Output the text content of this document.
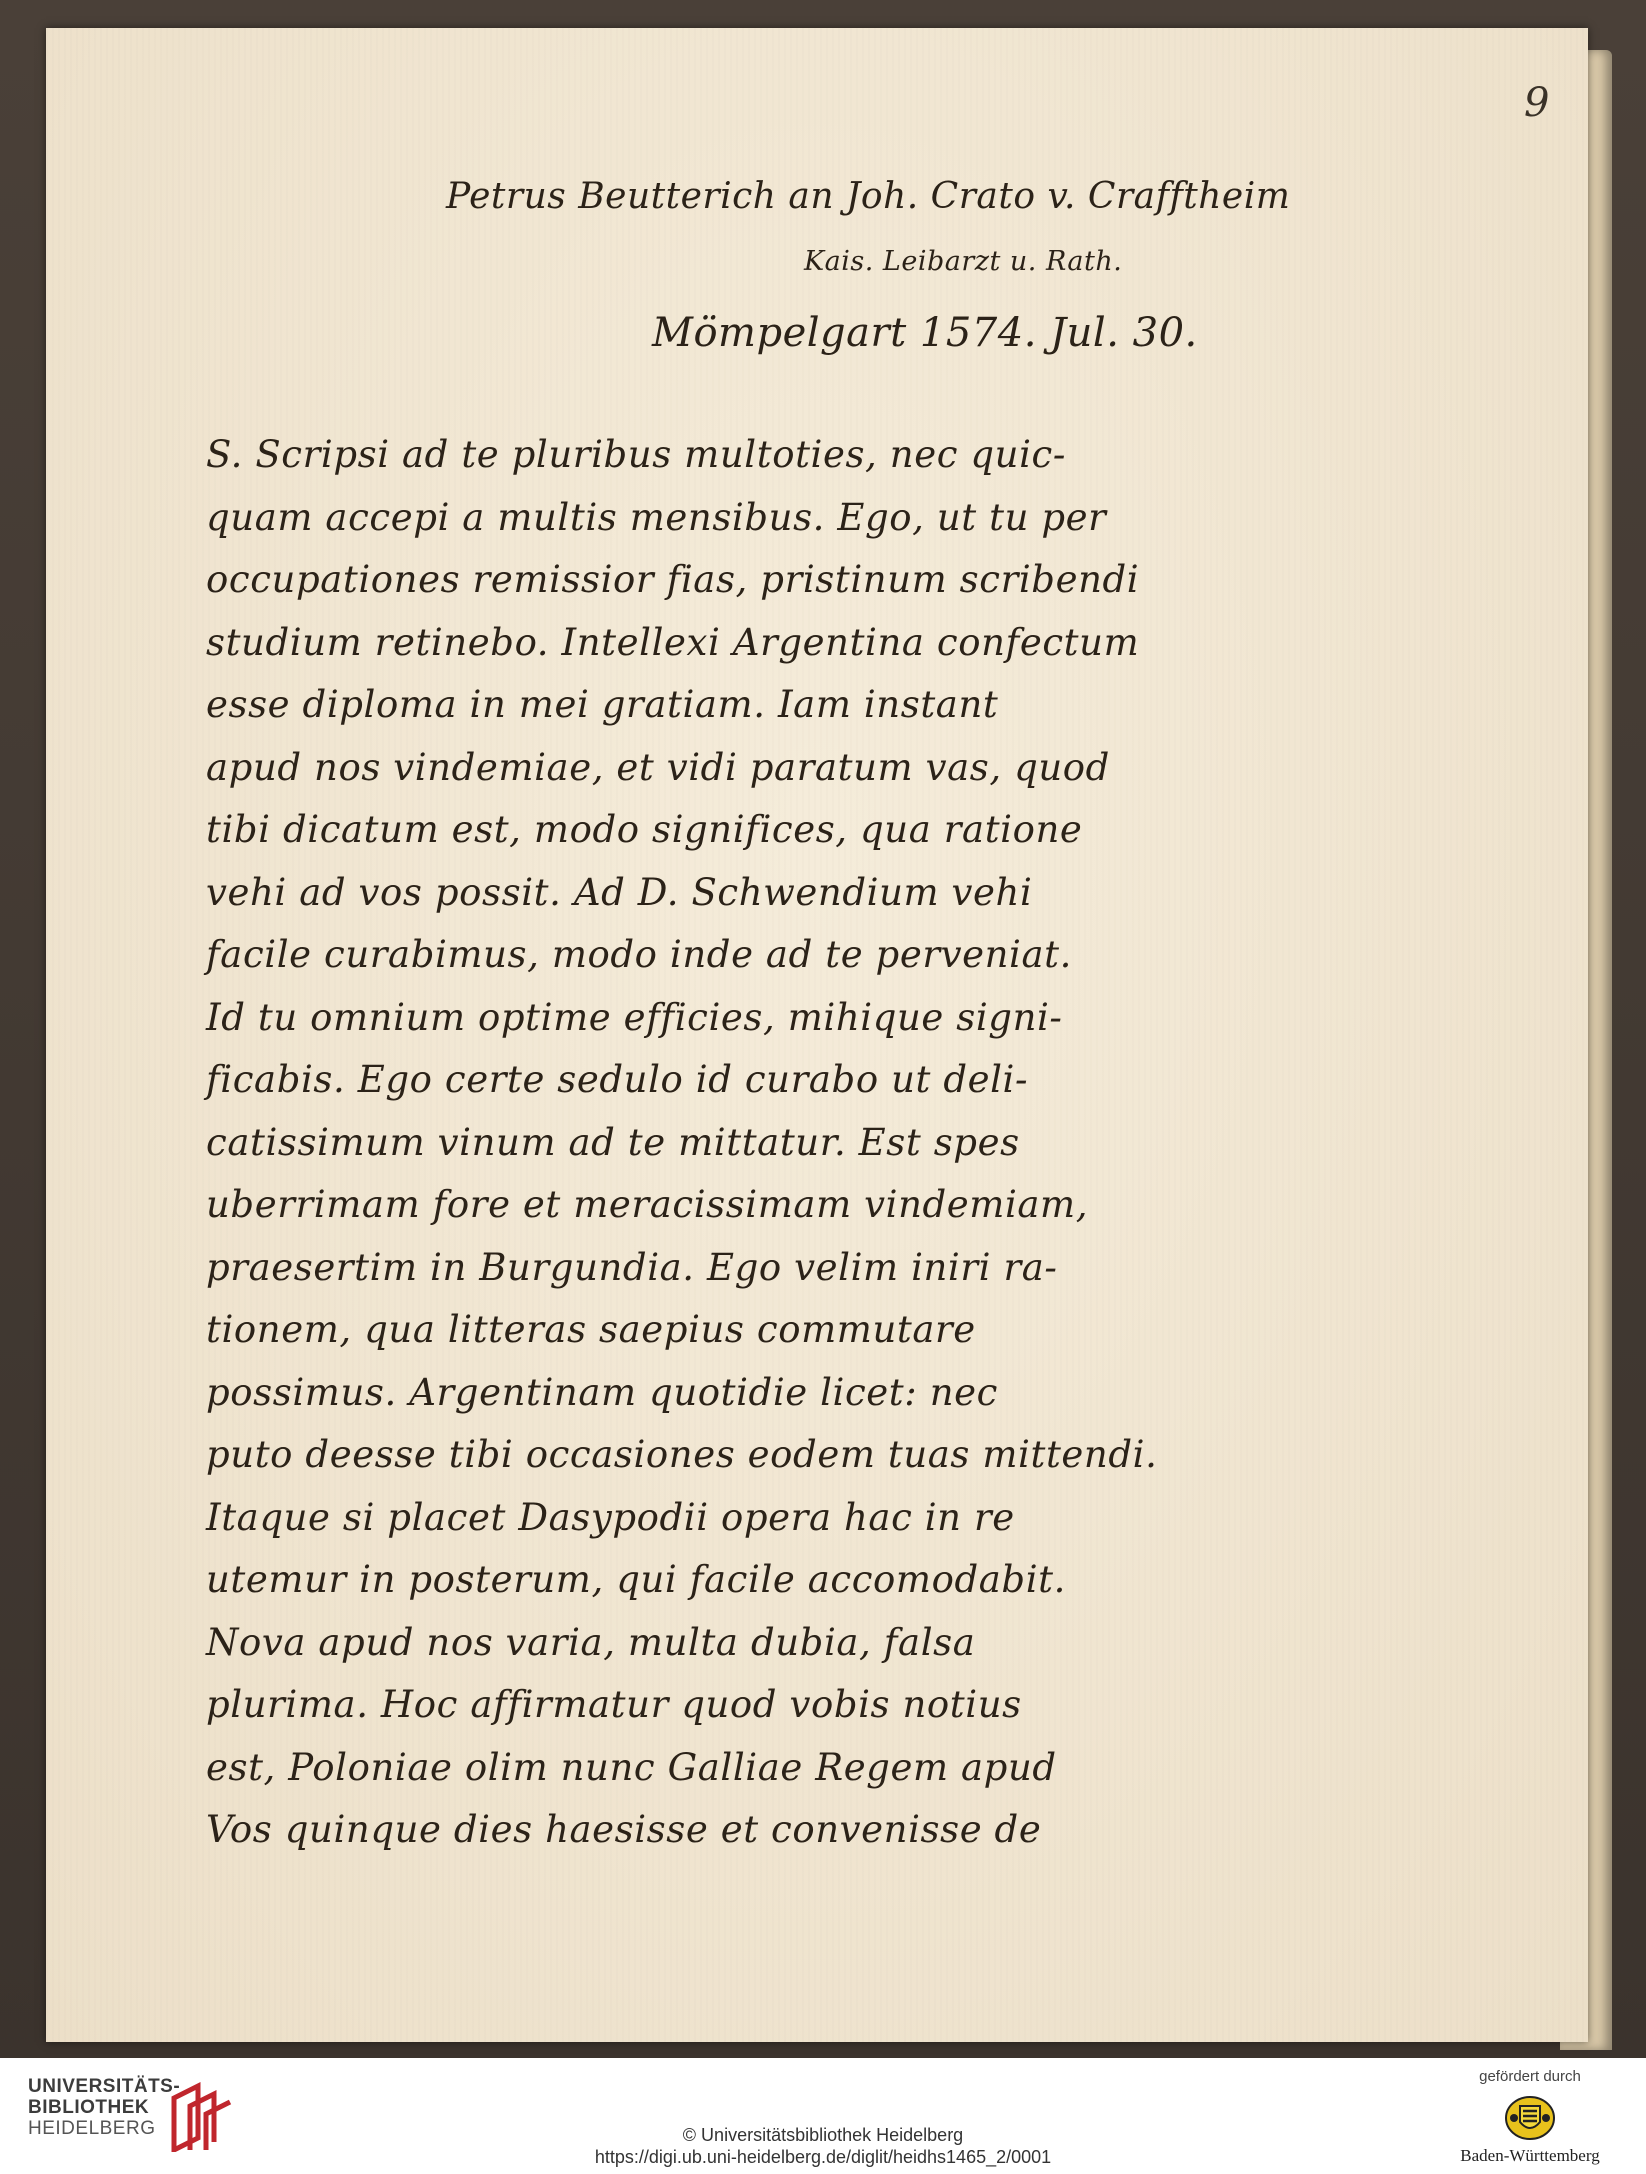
9
Petrus Beutterich an Joh. Crato v. Crafftheim
Kais. Leibarzt u. Rath.
Mömpelgart 1574. Jul. 30.
S. Scripsi ad te pluribus multoties, nec quic-
quam accepi a multis mensibus. Ego, ut tu per
occupationes remissior fias, pristinum scribendi
studium retinebo. Intellexi Argentina confectum
esse diploma in mei gratiam. Iam instant
apud nos vindemiae, et vidi paratum vas, quod
tibi dicatum est, modo significes, qua ratione
vehi ad vos possit. Ad D. Schwendium vehi
facile curabimus, modo inde ad te perveniat.
Id tu omnium optime efficies, mihique signi-
ficabis. Ego certe sedulo id curabo ut deli-
catissimum vinum ad te mittatur. Est spes
uberrimam fore et meracissimam vindemiam,
praesertim in Burgundia. Ego velim iniri ra-
tionem, qua litteras saepius commutare
possimus. Argentinam quotidie licet: nec
puto deesse tibi occasiones eodem tuas mittendi.
Itaque si placet Dasypodii opera hac in re
utemur in posterum, qui facile accomodabit.
Nova apud nos varia, multa dubia, falsa
plurima. Hoc affirmatur quod vobis notius
est, Poloniae olim nunc Galliae Regem apud
Vos quinque dies haesisse et convenisse de
UNIVERSITÄTS-
BIBLIOTHEK
HEIDELBERG	© Universitätsbibliothek Heidelberg
https://digi.ub.uni-heidelberg.de/diglit/heidhs1465_2/0001
gefördert durch
Baden-Württemberg
